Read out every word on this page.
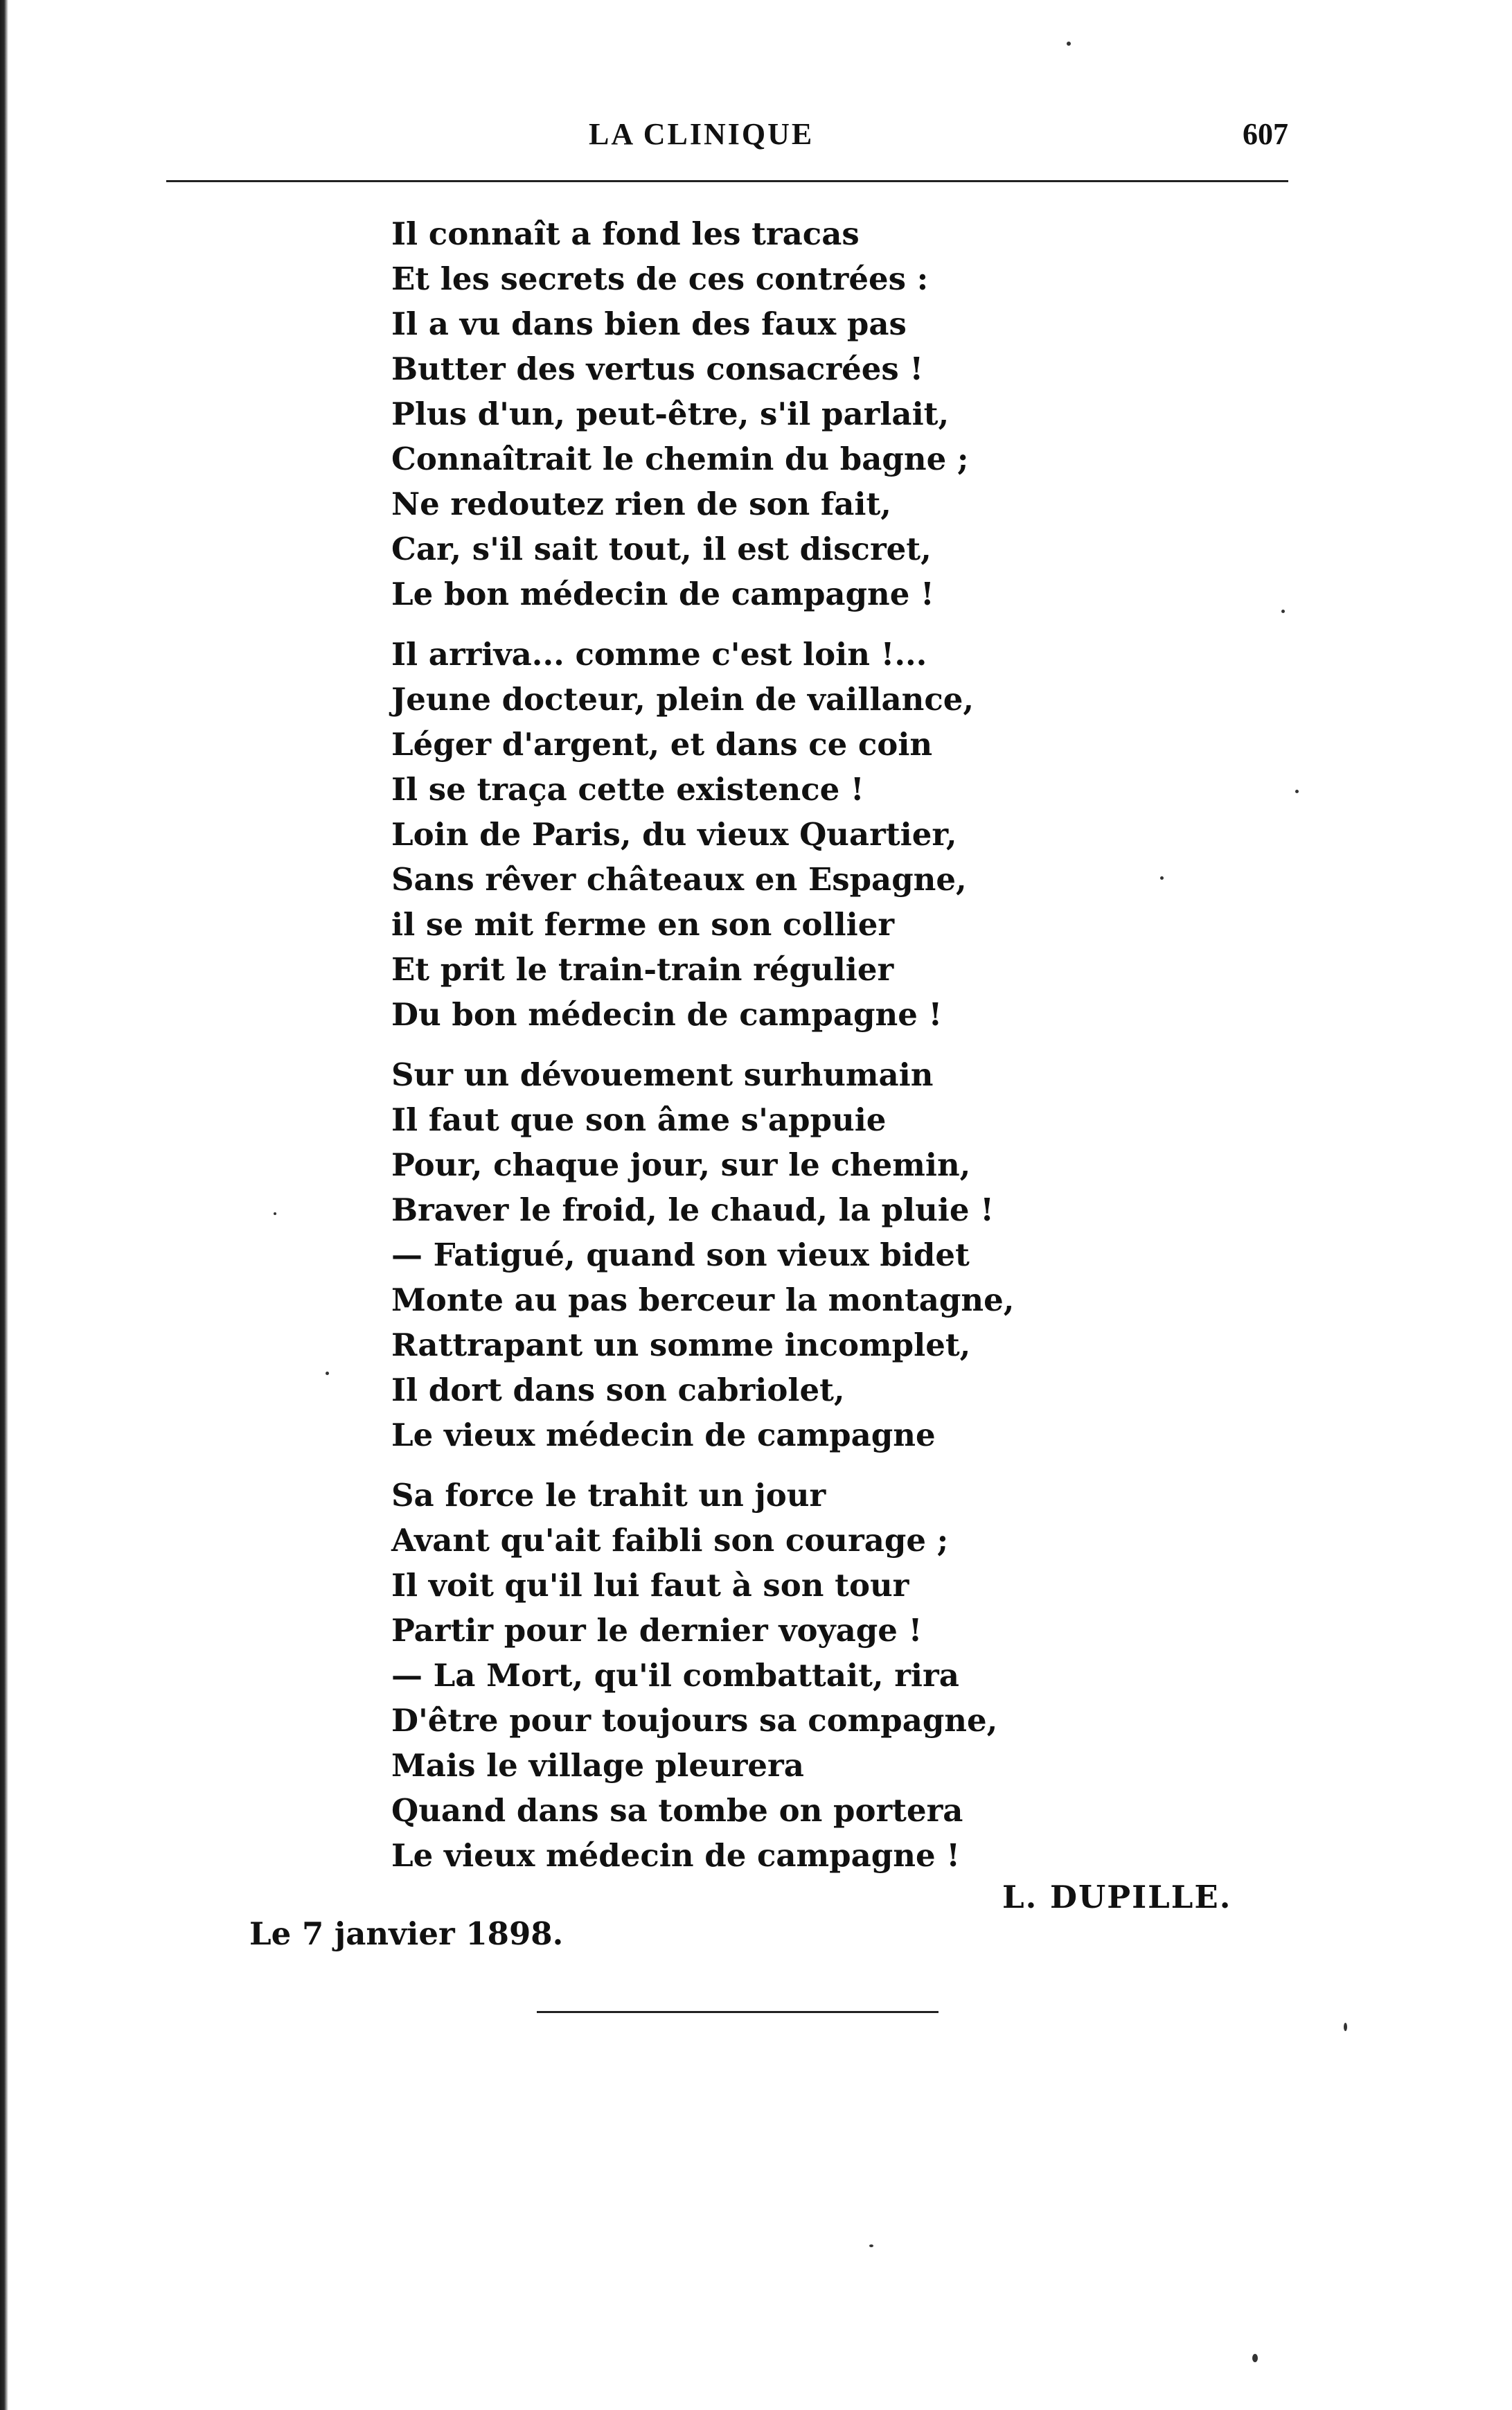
LA CLINIQUE	607
Il connaît a fond les tracas
Et les secrets de ces contrées :
Il a vu dans bien des faux pas
Butter des vertus consacrées !
Plus d'un, peut-être, s'il parlait,
Connaîtrait le chemin du bagne ;
Ne redoutez rien de son fait,
Car, s'il sait tout, il est discret,
Le bon médecin de campagne !
Il arriva... comme c'est loin !...
Jeune docteur, plein de vaillance,
Léger d'argent, et dans ce coin
Il se traça cette existence !
Loin de Paris, du vieux Quartier,
Sans rêver châteaux en Espagne,
il se mit ferme en son collier
Et prit le train-train régulier
Du bon médecin de campagne !
Sur un dévouement surhumain
Il faut que son âme s'appuie
Pour, chaque jour, sur le chemin,
Braver le froid, le chaud, la pluie !
— Fatigué, quand son vieux bidet
Monte au pas berceur la montagne,
Rattrapant un somme incomplet,
Il dort dans son cabriolet,
Le vieux médecin de campagne
Sa force le trahit un jour
Avant qu'ait faibli son courage ;
Il voit qu'il lui faut à son tour
Partir pour le dernier voyage !
— La Mort, qu'il combattait, rira
D'être pour toujours sa compagne,
Mais le village pleurera
Quand dans sa tombe on portera
Le vieux médecin de campagne !
L. DUPILLE.
Le 7 janvier 1898.
